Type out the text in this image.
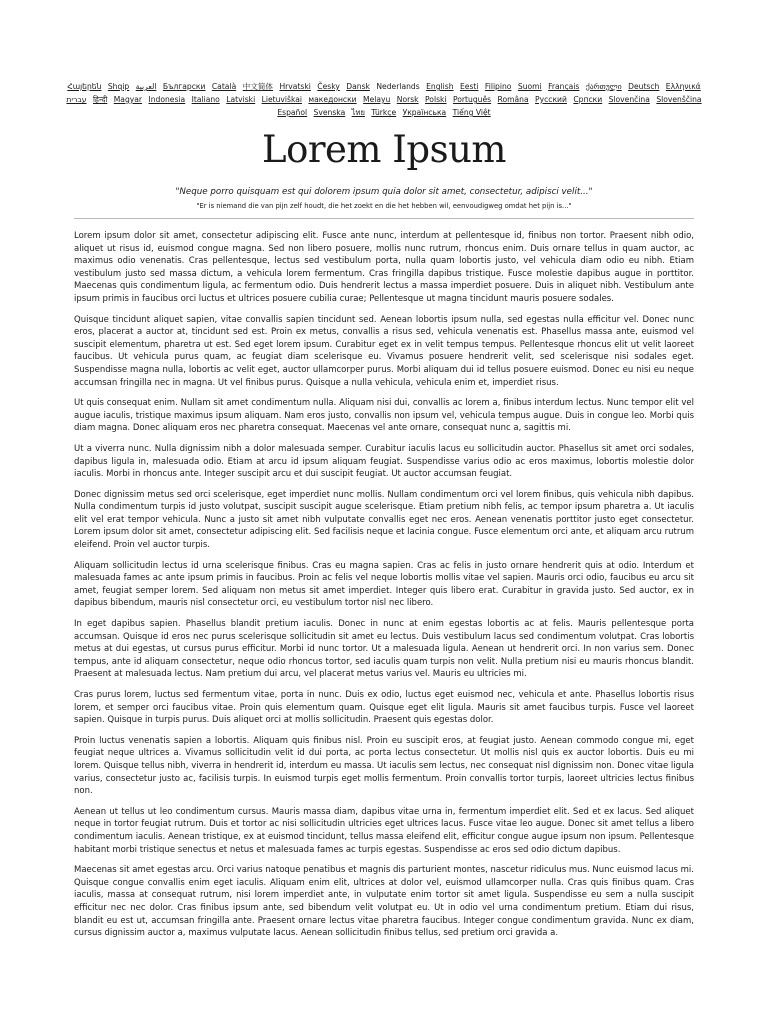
Հայերեն Shqip العربية Български Català 中文简体 Hrvatski Česky Dansk Nederlands English Eesti Filipino Suomi Français ქართული Deutsch Ελληνικά עברית हिन्दी Magyar Indonesia Italiano Latviski Lietuviškai македонски Melayu Norsk Polski Português Româna Pyccкий Српски Slovenčina Slovenščina Español Svenska ไทย Türkçe Українська Tiếng Việt
Lorem Ipsum
"Neque porro quisquam est qui dolorem ipsum quia dolor sit amet, consectetur, adipisci velit..."
"Er is niemand die van pijn zelf houdt, die het zoekt en die het hebben wil, eenvoudigweg omdat het pijn is..."

Lorem ipsum dolor sit amet, consectetur adipiscing elit. Fusce ante nunc, interdum at pellentesque id, finibus non tortor. Praesent nibh odio, aliquet ut risus id, euismod congue magna. Sed non libero posuere, mollis nunc rutrum, rhoncus enim. Duis ornare tellus in quam auctor, ac maximus odio venenatis. Cras pellentesque, lectus sed vestibulum porta, nulla quam lobortis justo, vel vehicula diam odio eu nibh. Etiam vestibulum justo sed massa dictum, a vehicula lorem fermentum. Cras fringilla dapibus tristique. Fusce molestie dapibus augue in porttitor. Maecenas quis condimentum ligula, ac fermentum odio. Duis hendrerit lectus a massa imperdiet posuere. Duis in aliquet nibh. Vestibulum ante ipsum primis in faucibus orci luctus et ultrices posuere cubilia curae; Pellentesque ut magna tincidunt mauris posuere sodales.

Quisque tincidunt aliquet sapien, vitae convallis sapien tincidunt sed. Aenean lobortis ipsum nulla, sed egestas nulla efficitur vel. Donec nunc eros, placerat a auctor at, tincidunt sed est. Proin ex metus, convallis a risus sed, vehicula venenatis est. Phasellus massa ante, euismod vel suscipit elementum, pharetra ut est. Sed eget lorem ipsum. Curabitur eget ex in velit tempus tempus. Pellentesque rhoncus elit ut velit laoreet faucibus. Ut vehicula purus quam, ac feugiat diam scelerisque eu. Vivamus posuere hendrerit velit, sed scelerisque nisi sodales eget. Suspendisse magna nulla, lobortis ac velit eget, auctor ullamcorper purus. Morbi aliquam dui id tellus posuere euismod. Donec eu nisi eu neque accumsan fringilla nec in magna. Ut vel finibus purus. Quisque a nulla vehicula, vehicula enim et, imperdiet risus.

Ut quis consequat enim. Nullam sit amet condimentum nulla. Aliquam nisi dui, convallis ac lorem a, finibus interdum lectus. Nunc tempor elit vel augue iaculis, tristique maximus ipsum aliquam. Nam eros justo, convallis non ipsum vel, vehicula tempus augue. Duis in congue leo. Morbi quis diam magna. Donec aliquam eros nec pharetra consequat. Maecenas vel ante ornare, consequat nunc a, sagittis mi.

Ut a viverra nunc. Nulla dignissim nibh a dolor malesuada semper. Curabitur iaculis lacus eu sollicitudin auctor. Phasellus sit amet orci sodales, dapibus ligula in, malesuada odio. Etiam at arcu id ipsum aliquam feugiat. Suspendisse varius odio ac eros maximus, lobortis molestie dolor iaculis. Morbi in rhoncus ante. Integer suscipit arcu et dui suscipit feugiat. Ut auctor accumsan feugiat.

Donec dignissim metus sed orci scelerisque, eget imperdiet nunc mollis. Nullam condimentum orci vel lorem finibus, quis vehicula nibh dapibus. Nulla condimentum turpis id justo volutpat, suscipit suscipit augue scelerisque. Etiam pretium nibh felis, ac tempor ipsum pharetra a. Ut iaculis elit vel erat tempor vehicula. Nunc a justo sit amet nibh vulputate convallis eget nec eros. Aenean venenatis porttitor justo eget consectetur. Lorem ipsum dolor sit amet, consectetur adipiscing elit. Sed facilisis neque et lacinia congue. Fusce elementum orci ante, et aliquam arcu rutrum eleifend. Proin vel auctor turpis.

Aliquam sollicitudin lectus id urna scelerisque finibus. Cras eu magna sapien. Cras ac felis in justo ornare hendrerit quis at odio. Interdum et malesuada fames ac ante ipsum primis in faucibus. Proin ac felis vel neque lobortis mollis vitae vel sapien. Mauris orci odio, faucibus eu arcu sit amet, feugiat semper lorem. Sed aliquam non metus sit amet imperdiet. Integer quis libero erat. Curabitur in gravida justo. Sed auctor, ex in dapibus bibendum, mauris nisl consectetur orci, eu vestibulum tortor nisl nec libero.

In eget dapibus sapien. Phasellus blandit pretium iaculis. Donec in nunc at enim egestas lobortis ac at felis. Mauris pellentesque porta accumsan. Quisque id eros nec purus scelerisque sollicitudin sit amet eu lectus. Duis vestibulum lacus sed condimentum volutpat. Cras lobortis metus at dui egestas, ut cursus purus efficitur. Morbi id nunc tortor. Ut a malesuada ligula. Aenean ut hendrerit orci. In non varius sem. Donec tempus, ante id aliquam consectetur, neque odio rhoncus tortor, sed iaculis quam turpis non velit. Nulla pretium nisi eu mauris rhoncus blandit. Praesent at malesuada lectus. Nam pretium dui arcu, vel placerat metus varius vel. Mauris eu ultricies mi.

Cras purus lorem, luctus sed fermentum vitae, porta in nunc. Duis ex odio, luctus eget euismod nec, vehicula et ante. Phasellus lobortis risus lorem, et semper orci faucibus vitae. Proin quis elementum quam. Quisque eget elit ligula. Mauris sit amet faucibus turpis. Fusce vel laoreet sapien. Quisque in turpis purus. Duis aliquet orci at mollis sollicitudin. Praesent quis egestas dolor.

Proin luctus venenatis sapien a lobortis. Aliquam quis finibus nisl. Proin eu suscipit eros, at feugiat justo. Aenean commodo congue mi, eget feugiat neque ultrices a. Vivamus sollicitudin velit id dui porta, ac porta lectus consectetur. Ut mollis nisl quis ex auctor lobortis. Duis eu mi lorem. Quisque tellus nibh, viverra in hendrerit id, interdum eu massa. Ut iaculis sem lectus, nec consequat nisl dignissim non. Donec vitae ligula varius, consectetur justo ac, facilisis turpis. In euismod turpis eget mollis fermentum. Proin convallis tortor turpis, laoreet ultricies lectus finibus non.

Aenean ut tellus ut leo condimentum cursus. Mauris massa diam, dapibus vitae urna in, fermentum imperdiet elit. Sed et ex lacus. Sed aliquet neque in tortor feugiat rutrum. Duis et tortor ac nisi sollicitudin ultricies eget ultrices lacus. Fusce vitae leo augue. Donec sit amet tellus a libero condimentum iaculis. Aenean tristique, ex at euismod tincidunt, tellus massa eleifend elit, efficitur congue augue ipsum non ipsum. Pellentesque habitant morbi tristique senectus et netus et malesuada fames ac turpis egestas. Suspendisse ac eros sed odio dictum dapibus.

Maecenas sit amet egestas arcu. Orci varius natoque penatibus et magnis dis parturient montes, nascetur ridiculus mus. Nunc euismod lacus mi. Quisque congue convallis enim eget iaculis. Aliquam enim elit, ultrices at dolor vel, euismod ullamcorper nulla. Cras quis finibus quam. Cras iaculis, massa at consequat rutrum, nisi lorem imperdiet ante, in vulputate enim tortor sit amet ligula. Suspendisse eu sem a nulla suscipit efficitur nec nec dolor. Cras finibus ipsum ante, sed bibendum velit volutpat eu. Ut in odio vel urna condimentum pretium. Etiam dui risus, blandit eu est ut, accumsan fringilla ante. Praesent ornare lectus vitae pharetra faucibus. Integer congue condimentum gravida. Nunc ex diam, cursus dignissim auctor a, maximus vulputate lacus. Aenean sollicitudin finibus tellus, sed pretium orci gravida a.
